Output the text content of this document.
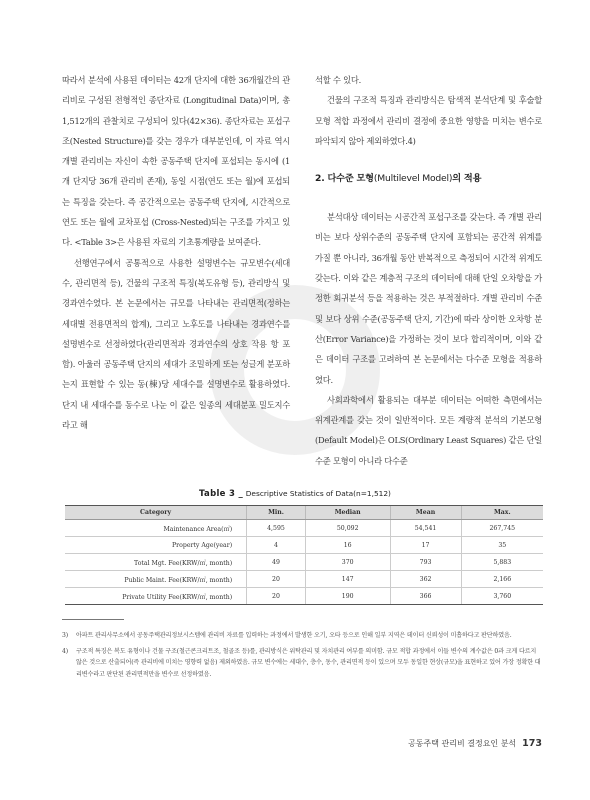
따라서 분석에 사용된 데이터는 42개 단지에 대한 36개월간의 관리비로 구성된 전형적인 종단자료 (Longitudinal Data)이며, 총 1,512개의 관찰치로 구성되어 있다(42×36). 종단자료는 포섭구조(Nested Structure)를 갖는 경우가 대부분인데, 이 자료 역시 개별 관리비는 자신이 속한 공동주택 단지에 포섭되는 동시에 (1개 단지당 36개 관리비 존재), 동일 시점(연도 또는 월)에 포섭되는 특징을 갖는다. 즉 공간적으로는 공동주택 단지에, 시간적으로 연도 또는 월에 교차포섭 (Cross-Nested)되는 구조를 가지고 있다. <Table 3>은 사용된 자료의 기초통계량을 보여준다.

선행연구에서 공통적으로 사용한 설명변수는 규모변수(세대수, 관리면적 등), 건물의 구조적 특징(복도유형 등), 관리방식 및 경과연수였다. 본 논문에서는 규모를 나타내는 관리면적(정하는 세대별 전용면적의 합계), 그리고 노후도를 나타내는 경과연수를 설명변수로 선정하였다(관리면적과 경과연수의 상호 작용 항 포함). 아울러 공동주택 단지의 세대가 조밀하게 또는 성글게 분포하는지 표현할 수 있는 동(棟)당 세대수를 설명변수로 활용하였다. 단지 내 세대수를 동수로 나눈 이 값은 일종의 세대분포 밀도지수라고 해

석할 수 있다.

건물의 구조적 특징과 관리방식은 탐색적 분석단계 및 후술할 모형 적합 과정에서 관리비 결정에 중요한 영향을 미치는 변수로 파악되지 않아 제외하였다.4)

2. 다수준 모형(Multilevel Model)의 적용

분석대상 데이터는 시공간적 포섭구조를 갖는다. 즉 개별 관리비는 보다 상위수준의 공동주택 단지에 포함되는 공간적 위계를 가질 뿐 아니라, 36개월 동안 반복적으로 측정되어 시간적 위계도 갖는다. 이와 같은 계층적 구조의 데이터에 대해 단일 오차항을 가정한 회귀분석 등을 적용하는 것은 부적절하다. 개별 관리비 수준 및 보다 상위 수준(공동주택 단지, 기간)에 따라 상이한 오차항 분산(Error Variance)을 가정하는 것이 보다 합리적이며, 이와 같은 데이터 구조를 고려하여 본 논문에서는 다수준 모형을 적용하였다.

사회과학에서 활용되는 대부분 데이터는 어떠한 측면에서는 위계관계를 갖는 것이 일반적이다. 모든 계량적 분석의 기본모형(Default Model)은 OLS(Ordinary Least Squares) 같은 단일수준 모형이 아니라 다수준

Table 3 _ Descriptive Statistics of Data(n=1,512)
Category	Min.	Median	Mean	Max.
Maintenance Area(㎡)	4,595	50,092	54,541	267,745
Property Age(year)	4	16	17	35
Total Mgt. Fee(KRW/㎡, month)	49	370	793	5,883
Public Maint. Fee(KRW/㎡, month)	20	147	362	2,166
Private Utility Fee(KRW/㎡, month)	20	190	366	3,760
3)	아파트 관리사무소에서 공동주택관리정보시스템에 관리비 자료를 입력하는 과정에서 발생한 오기, 오타 등으로 인해 일부 지역은 데이터 신뢰성이 미흡하다고 판단하였음.
4)	구조적 특징은 복도 유형이나 건물 구조(철근콘크리트조, 철골조 등)를, 관리방식은 위탁관리 및 자치관리 여부를 의미함. 규모 적합 과정에서 이들 변수의 계수값은 0과 크게 다르지 않은 것으로 산출되어(즉 관리비에 미치는 영향력 없음) 제외하였음. 규모 변수에는 세대수, 층수, 동수, 관리면적 등이 있으며 모두 동일한 현상(규모)을 표현하고 있어 가장 정확한 대리변수라고 판단된 관리면적만을 변수로 선정하였음.
공동주택 관리비 결정요인 분석 173
